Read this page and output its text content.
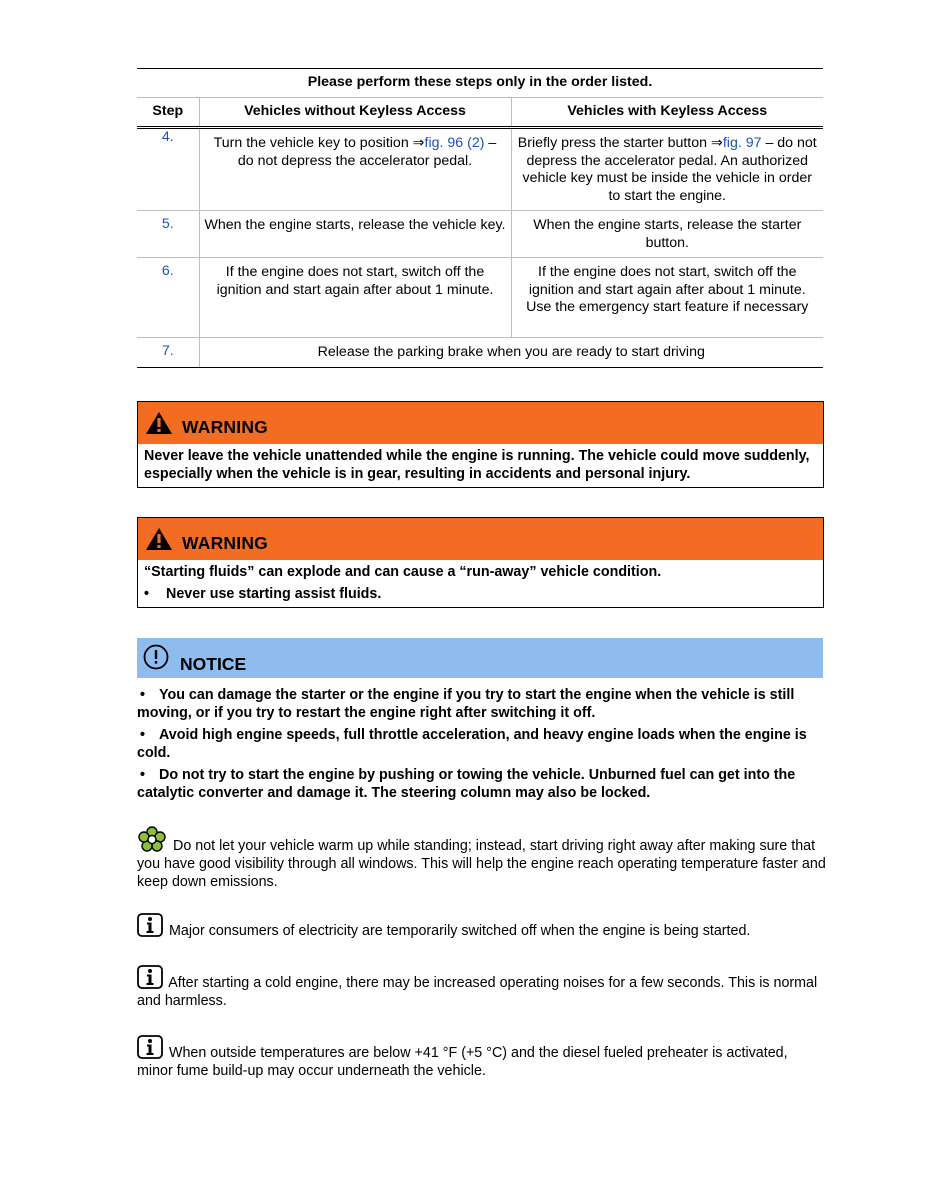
Please perform these steps only in the order listed.		
Step	Vehicles without Keyless Access	Vehicles with Keyless Access
4.	Turn the vehicle key to position ⇒fig. 96 (2) – do not depress the accelerator pedal.	Briefly press the starter button ⇒fig. 97 – do not depress the accelerator pedal. An authorized vehicle key must be inside the vehicle in order to start the engine.
5.	When the engine starts, release the vehicle key.	When the engine starts, release the starter button.
6.	If the engine does not start, switch off the ignition and start again after about 1 minute.	If the engine does not start, switch off the ignition and start again after about 1 minute. Use the emergency start feature if necessary
7.	Release the parking brake when you are ready to start driving	
WARNING
Never leave the vehicle unattended while the engine is running. The vehicle could move suddenly, especially when the vehicle is in gear, resulting in accidents and personal injury.
WARNING
“Starting fluids” can explode and can cause a “run-away” vehicle condition.
•	Never use starting assist fluids.
NOTICE

• You can damage the starter or the engine if you try to start the engine when the vehicle is still moving, or if you try to restart the engine right after switching it off.

• Avoid high engine speeds, full throttle acceleration, and heavy engine loads when the engine is cold.

• Do not try to start the engine by pushing or towing the vehicle. Unburned fuel can get into the catalytic converter and damage it. The steering column may also be locked.

Do not let your vehicle warm up while standing; instead, start driving right away after making sure that you have good visibility through all windows. This will help the engine reach operating temperature faster and keep down emissions.
Major consumers of electricity are temporarily switched off when the engine is being started.
After starting a cold engine, there may be increased operating noises for a few seconds. This is normal and harmless.
When outside temperatures are below +41 °F (+5 °C) and the diesel fueled preheater is activated, minor fume build-up may occur underneath the vehicle.
